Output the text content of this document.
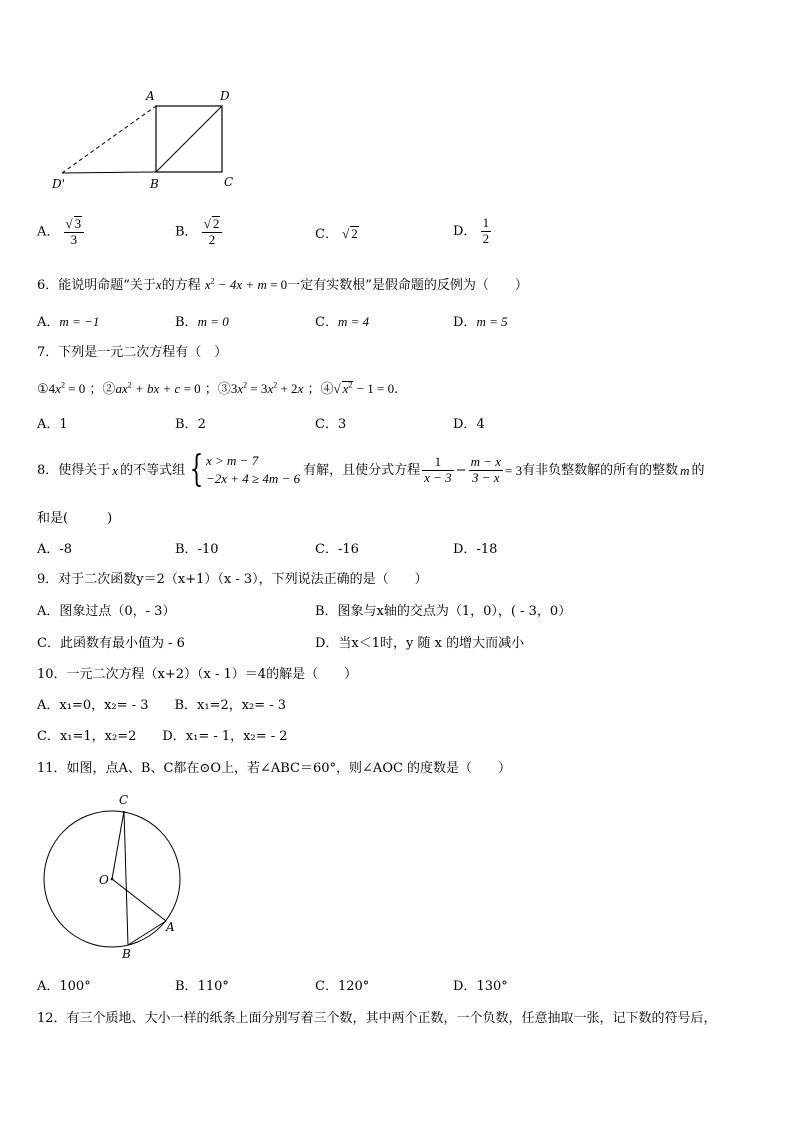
A	D
D'	B	C
A． $\frac{√ 3}{3}$	B． $\frac{√ 2}{2}$	C． √ 2	D． $\frac{1}{2}$
6．能说明命题“关于x的方程 $x^2 - 4x + m = 0$一定有实数根”是假命题的反例为（　　）
A．m = −1	B．m = 0	C．m = 4	D．m = 5
7．下列是一元二次方程有（　）
$①4x^2 = 0$ ；$②ax^2$ + bx + c = 0 ；$③3x^2 = 3x^2 + 2x$ ；④√ $x^2 - 1 = 0$.
A．1	B．2	C．3	D．4
8．使得关于 x 的不等式组 { x > m − 7
−2x + 4 ≥ 4m − 6
有解，且使分式方程 $\frac{1}{x - 3} - \frac{m - x}{3 - x} = 3$ 有非负整数解的所有的整数 m 的
和是(　　　)
A．-8	B．-10	C．-16	D．-18
9．对于二次函数y＝2（x+1）（x - 3），下列说法正确的是（　　）
A．图象过点（0，- 3）	B．图象与x轴的交点为（1，0），( - 3，0）
C．此函数有最小值为 - 6	D．当x＜1时，y 随 x 的增大而减小
10．一元二次方程（x+2）（x - 1）＝4的解是（　　）
A．x₁=0，x₂= - 3　　B．x₁=2，x₂= - 3
C．x₁=1，x₂=2　　D．x₁= - 1，x₂= - 2
11．如图，点A、B、C都在⊙O上，若∠ABC＝60°，则∠AOC 的度数是（　　）
C
O
A
B
A．100°	B．110°	C．120°	D．130°
12．有三个质地、大小一样的纸条上面分别写着三个数，其中两个正数，一个负数，任意抽取一张，记下数的符号后，
